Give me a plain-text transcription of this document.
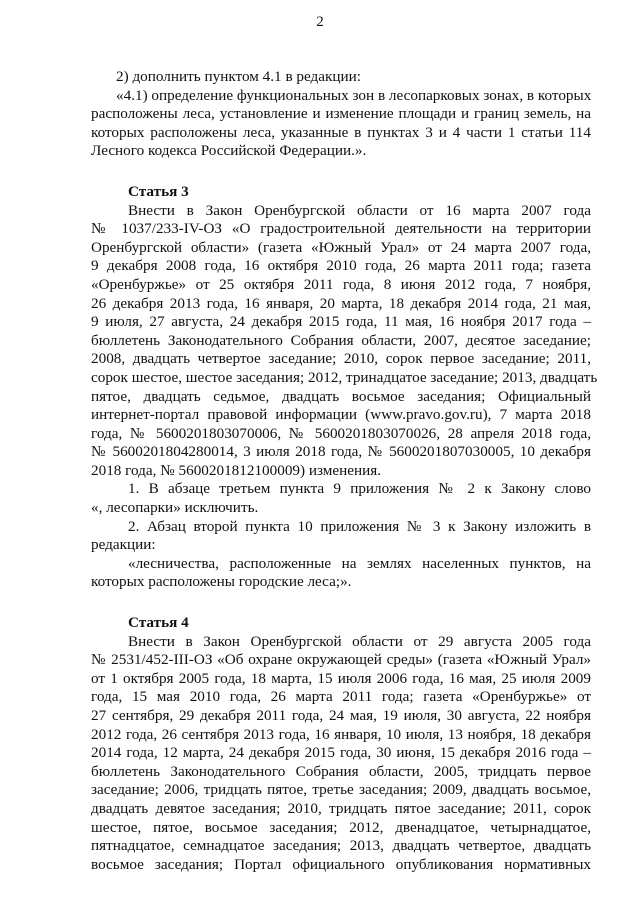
2
2) дополнить пунктом 4.1 в редакции:
«4.1) определение функциональных зон в лесопарковых зонах, в которых
расположены леса, установление и изменение площади и границ земель, на
которых расположены леса, указанные в пунктах 3 и 4 части 1 статьи 114
Лесного кодекса Российской Федерации.».
Статья 3
Внести в Закон Оренбургской области от 16 марта 2007 года
№ 1037/233-IV-ОЗ «О градостроительной деятельности на территории
Оренбургской области» (газета «Южный Урал» от 24 марта 2007 года,
9 декабря 2008 года, 16 октября 2010 года, 26 марта 2011 года; газета
«Оренбуржье» от 25 октября 2011 года, 8 июня 2012 года, 7 ноября,
26 декабря 2013 года, 16 января, 20 марта, 18 декабря 2014 года, 21 мая,
9 июля, 27 августа, 24 декабря 2015 года, 11 мая, 16 ноября 2017 года –
бюллетень Законодательного Собрания области, 2007, десятое заседание;
2008, двадцать четвертое заседание; 2010, сорок первое заседание; 2011,
сорок шестое, шестое заседания; 2012, тринадцатое заседание; 2013, двадцать
пятое, двадцать седьмое, двадцать восьмое заседания; Официальный
интернет-портал правовой информации (www.pravo.gov.ru), 7 марта 2018
года, № 5600201803070006, № 5600201803070026, 28 апреля 2018 года,
№ 5600201804280014, 3 июля 2018 года, № 5600201807030005, 10 декабря
2018 года, № 5600201812100009) изменения.
1. В абзаце третьем пункта 9 приложения № 2 к Закону слово
«, лесопарки» исключить.
2. Абзац второй пункта 10 приложения № 3 к Закону изложить в
редакции:
«лесничества, расположенные на землях населенных пунктов, на
которых расположены городские леса;».
Статья 4
Внести в Закон Оренбургской области от 29 августа 2005 года
№ 2531/452-III-ОЗ «Об охране окружающей среды» (газета «Южный Урал»
от 1 октября 2005 года, 18 марта, 15 июля 2006 года, 16 мая, 25 июля 2009
года, 15 мая 2010 года, 26 марта 2011 года; газета «Оренбуржье» от
27 сентября, 29 декабря 2011 года, 24 мая, 19 июля, 30 августа, 22 ноября
2012 года, 26 сентября 2013 года, 16 января, 10 июля, 13 ноября, 18 декабря
2014 года, 12 марта, 24 декабря 2015 года, 30 июня, 15 декабря 2016 года –
бюллетень Законодательного Собрания области, 2005, тридцать первое
заседание; 2006, тридцать пятое, третье заседания; 2009, двадцать восьмое,
двадцать девятое заседания; 2010, тридцать пятое заседание; 2011, сорок
шестое, пятое, восьмое заседания; 2012, двенадцатое, четырнадцатое,
пятнадцатое, семнадцатое заседания; 2013, двадцать четвертое, двадцать
восьмое заседания; Портал официального опубликования нормативных
